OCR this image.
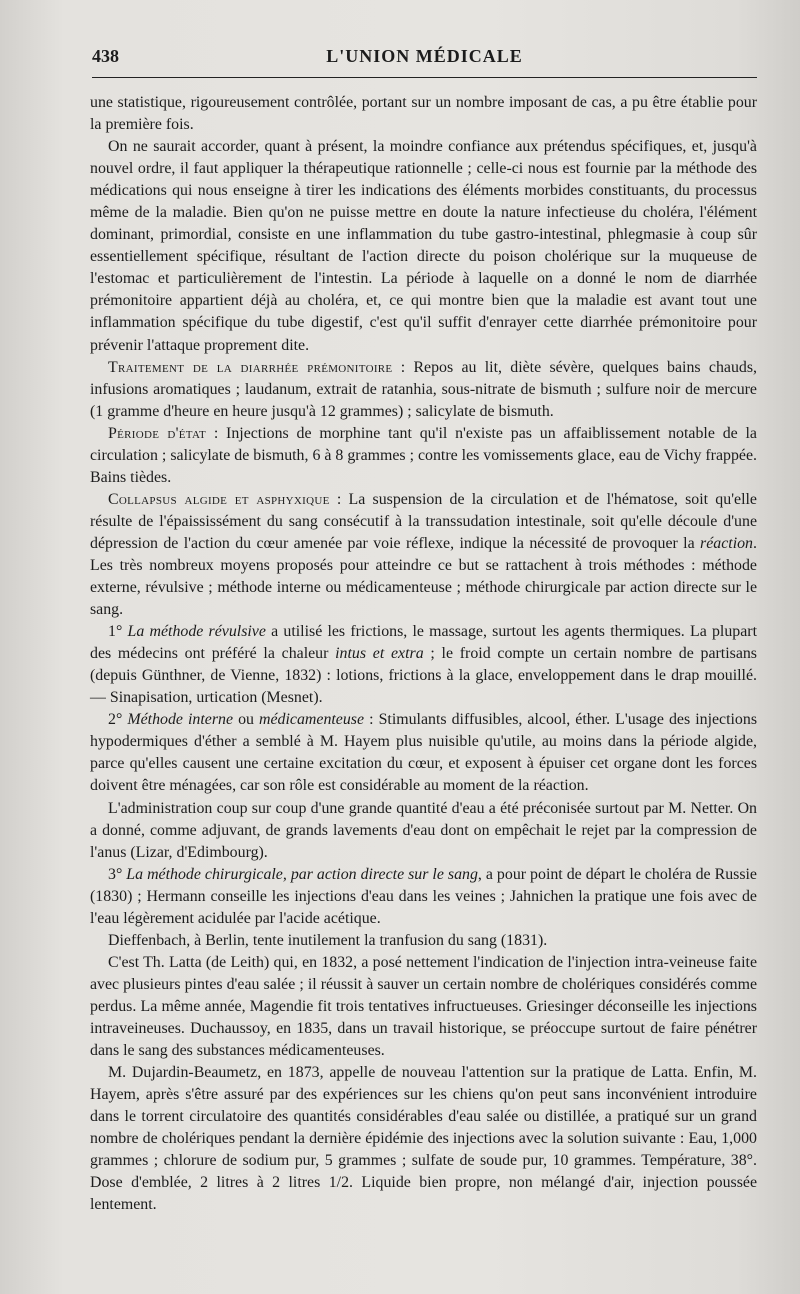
438	L'UNION MÉDICALE

une statistique, rigoureusement contrôlée, portant sur un nombre imposant de cas, a pu être établie pour la première fois.

On ne saurait accorder, quant à présent, la moindre confiance aux prétendus spécifiques, et, jusqu'à nouvel ordre, il faut appliquer la thérapeutique rationnelle ; celle-ci nous est fournie par la méthode des médications qui nous enseigne à tirer les indications des éléments morbides constituants, du processus même de la maladie. Bien qu'on ne puisse mettre en doute la nature infectieuse du choléra, l'élément dominant, primordial, consiste en une inflammation du tube gastro-intestinal, phlegmasie à coup sûr essentiellement spécifique, résultant de l'action directe du poison cholérique sur la muqueuse de l'estomac et particulièrement de l'intestin. La période à laquelle on a donné le nom de diarrhée prémonitoire appartient déjà au choléra, et, ce qui montre bien que la maladie est avant tout une inflammation spécifique du tube digestif, c'est qu'il suffit d'enrayer cette diarrhée prémonitoire pour prévenir l'attaque proprement dite.

Traitement de la diarrhée prémonitoire : Repos au lit, diète sévère, quelques bains chauds, infusions aromatiques ; laudanum, extrait de ratanhia, sous-nitrate de bismuth ; sulfure noir de mercure (1 gramme d'heure en heure jusqu'à 12 grammes) ; salicylate de bismuth.

Période d'état : Injections de morphine tant qu'il n'existe pas un affaiblissement notable de la circulation ; salicylate de bismuth, 6 à 8 grammes ; contre les vomissements glace, eau de Vichy frappée. Bains tièdes.

Collapsus algide et asphyxique : La suspension de la circulation et de l'hématose, soit qu'elle résulte de l'épaississément du sang consécutif à la transsudation intestinale, soit qu'elle découle d'une dépression de l'action du cœur amenée par voie réflexe, indique la nécessité de provoquer la réaction. Les très nombreux moyens proposés pour atteindre ce but se rattachent à trois méthodes : méthode externe, révulsive ; méthode interne ou médicamenteuse ; méthode chirurgicale par action directe sur le sang.

1° La méthode révulsive a utilisé les frictions, le massage, surtout les agents thermiques. La plupart des médecins ont préféré la chaleur intus et extra ; le froid compte un certain nombre de partisans (depuis Günthner, de Vienne, 1832) : lotions, frictions à la glace, enveloppement dans le drap mouillé. — Sinapisation, urtication (Mesnet).

2° Méthode interne ou médicamenteuse : Stimulants diffusibles, alcool, éther. L'usage des injections hypodermiques d'éther a semblé à M. Hayem plus nuisible qu'utile, au moins dans la période algide, parce qu'elles causent une certaine excitation du cœur, et exposent à épuiser cet organe dont les forces doivent être ménagées, car son rôle est considérable au moment de la réaction.

L'administration coup sur coup d'une grande quantité d'eau a été préconisée surtout par M. Netter. On a donné, comme adjuvant, de grands lavements d'eau dont on empêchait le rejet par la compression de l'anus (Lizar, d'Edimbourg).

3° La méthode chirurgicale, par action directe sur le sang, a pour point de départ le choléra de Russie (1830) ; Hermann conseille les injections d'eau dans les veines ; Jahnichen la pratique une fois avec de l'eau légèrement acidulée par l'acide acétique.

Dieffenbach, à Berlin, tente inutilement la tranfusion du sang (1831).

C'est Th. Latta (de Leith) qui, en 1832, a posé nettement l'indication de l'injection intra-veineuse faite avec plusieurs pintes d'eau salée ; il réussit à sauver un certain nombre de cholériques considérés comme perdus. La même année, Magendie fit trois tentatives infructueuses. Griesinger déconseille les injections intraveineuses. Duchaussoy, en 1835, dans un travail historique, se préoccupe surtout de faire pénétrer dans le sang des substances médicamenteuses.

M. Dujardin-Beaumetz, en 1873, appelle de nouveau l'attention sur la pratique de Latta. Enfin, M. Hayem, après s'être assuré par des expériences sur les chiens qu'on peut sans inconvénient introduire dans le torrent circulatoire des quantités considérables d'eau salée ou distillée, a pratiqué sur un grand nombre de cholériques pendant la dernière épidémie des injections avec la solution suivante : Eau, 1,000 grammes ; chlorure de sodium pur, 5 grammes ; sulfate de soude pur, 10 grammes. Température, 38°. Dose d'emblée, 2 litres à 2 litres 1/2. Liquide bien propre, non mélangé d'air, injection poussée lentement.
